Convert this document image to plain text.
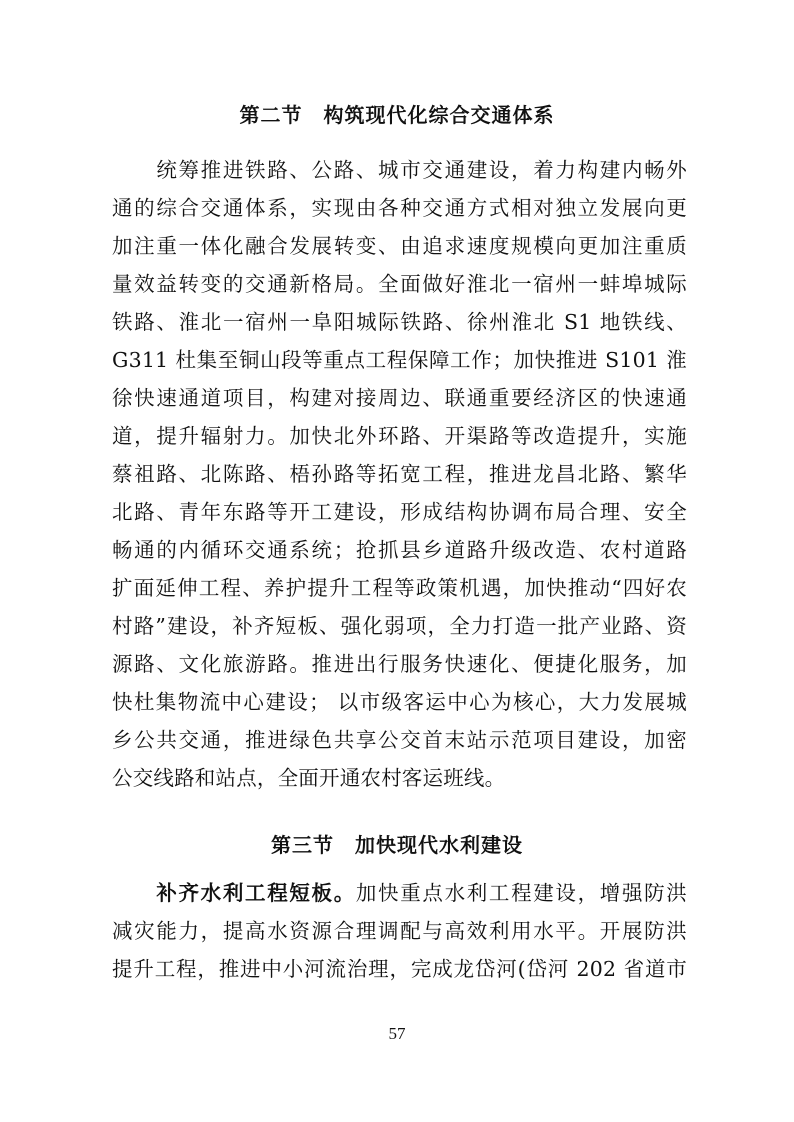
第二节　构筑现代化综合交通体系
　　统筹推进铁路、公路、城市交通建设，着力构建内畅外
通的综合交通体系，实现由各种交通方式相对独立发展向更
加注重一体化融合发展转变、由追求速度规模向更加注重质
量效益转变的交通新格局。全面做好淮北一宿州一蚌埠城际
铁路、淮北一宿州一阜阳城际铁路、徐州淮北 S1 地铁线、
G311 杜集至铜山段等重点工程保障工作；加快推进 S101 淮
徐快速通道项目，构建对接周边、联通重要经济区的快速通
道，提升辐射力。加快北外环路、开渠路等改造提升，实施
蔡祖路、北陈路、梧孙路等拓宽工程，推进龙昌北路、繁华
北路、青年东路等开工建设，形成结构协调布局合理、安全
畅通的内循环交通系统；抢抓县乡道路升级改造、农村道路
扩面延伸工程、养护提升工程等政策机遇，加快推动“四好农
村路”建设，补齐短板、强化弱项，全力打造一批产业路、资
源路、文化旅游路。推进出行服务快速化、便捷化服务，加
快杜集物流中心建设； 以市级客运中心为核心，大力发展城
乡公共交通，推进绿色共享公交首末站示范项目建设，加密
公交线路和站点，全面开通农村客运班线。
第三节　加快现代水利建设
　　补齐水利工程短板。加快重点水利工程建设，增强防洪
减灾能力，提高水资源合理调配与高效利用水平。开展防洪
提升工程，推进中小河流治理，完成龙岱河(岱河 202 省道市
57
